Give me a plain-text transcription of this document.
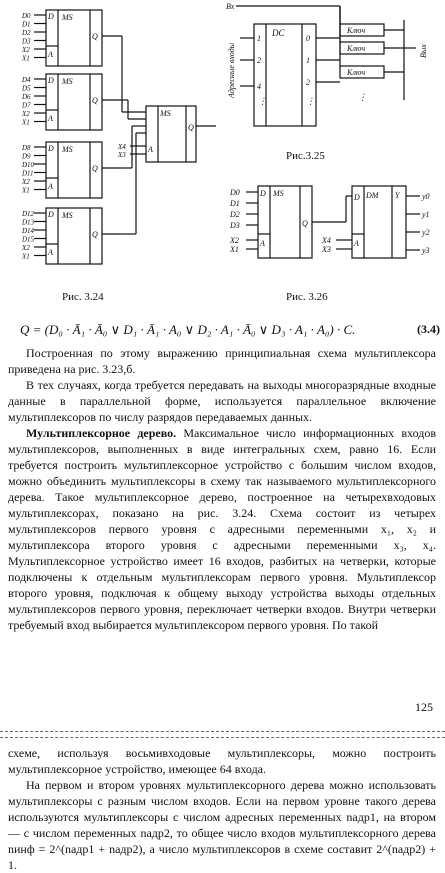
MS
D
A
Q
D0
D1
D2
D3
X2
X1
MS
D
A
Q
D4
D5
D6
D7
X2
X1
MS
D
A
Q
D8
D9
D10
D11
X2
X1
MS
D
A
Q
D12
D13
D14
D15
X2
X1
MS
Q
A
X4
X3
Вх
DC
1
2
4
⋮
Адресные входы
0
1
2
⋮
Ключ
Ключ
Ключ
Вых
⋮
MS
D
A
Q
D0
D1
D2
D3
X2
X1
DM
D
A
Y
X4
X3
y0
y1
y2
y3
Рис. 3.24
Рис.3.25
Рис. 3.26
Q = (D₀ · Ā₁ · Ā₀ ∨ D₁ · Ā₁ · A₀ ∨ D₂ · A₁ · Ā₀ ∨ D₃ · A₁ · A₀) · C.	(3.4)

Построенная по этому выражению принципиальная схема мультиплексора приведена на рис. 3.23,б.

В тех случаях, когда требуется передавать на выходы многоразрядные входные данные в параллельной форме, используется параллельное включение мультиплексоров по числу разрядов передаваемых данных.

Мультиплексорное дерево. Максимальное число информационных входов мультиплексоров, выполненных в виде интегральных схем, равно 16. Если требуется построить мультиплексорное устройство с большим числом входов, можно объединить мультиплексоры в схему так называемого мультиплексорного дерева. Такое мультиплексорное дерево, построенное на четырехвходовых мультиплексорах, показано на рис. 3.24. Схема состоит из четырех мультиплексоров первого уровня с адресными переменными x₁, x₂ и мультиплексора второго уровня с адресными переменными x₃, x₄. Мультиплексорное устройство имеет 16 входов, разбитых на четверки, которые подключены к отдельным мультиплексорам первого уровня. Мультиплексор второго уровня, подключая к общему выходу устройства выходы отдельных мультиплексоров первого уровня, переключает четверки входов. Внутри четверки требуемый вход выбирается мультиплексором первого уровня. По такой

125

схеме, используя восьмивходовые мультиплексоры, можно построить мультиплексорное устройство, имеющее 64 входа.

На первом и втором уровнях мультиплексорного дерева можно использовать мультиплексоры с разным числом входов. Если на первом уровне такого дерева используются мультиплексоры с числом адресных переменных nадр1, на втором — с числом переменных nадр2, то общее число входов мультиплексорного дерева nинф = 2^(nадр1 + nадр2), а число мультиплексоров в схеме составит 2^(nадр2) + 1.
